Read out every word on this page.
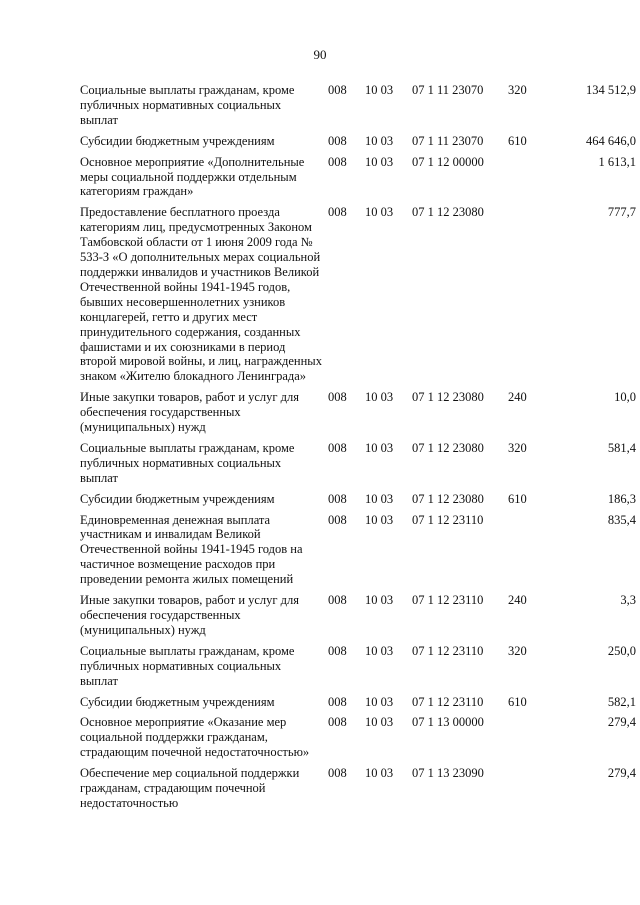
90
Социальные выплаты гражданам, кроме публичных нормативных социальных выплат	008	10 03	07 1 11 23070	320	134 512,9
Субсидии бюджетным учреждениям	008	10 03	07 1 11 23070	610	464 646,0
Основное мероприятие «Дополнительные меры социальной поддержки отдельным категориям граждан»	008	10 03	07 1 12 00000		1 613,1
Предоставление бесплатного проезда категориям лиц, предусмотренных Законом Тамбовской области от 1 июня 2009 года № 533-З «О дополнительных мерах социальной поддержки инвалидов и участников Великой Отечественной войны 1941-1945 годов, бывших несовершеннолетних узников концлагерей, гетто и других мест принудительного содержания, созданных фашистами и их союзниками в период второй мировой войны, и лиц, награжденных знаком «Жителю блокадного Ленинграда»	008	10 03	07 1 12 23080		777,7
Иные закупки товаров, работ и услуг для обеспечения государственных (муниципальных) нужд	008	10 03	07 1 12 23080	240	10,0
Социальные выплаты гражданам, кроме публичных нормативных социальных выплат	008	10 03	07 1 12 23080	320	581,4
Субсидии бюджетным учреждениям	008	10 03	07 1 12 23080	610	186,3
Единовременная денежная выплата участникам и инвалидам Великой Отечественной войны 1941-1945 годов на частичное возмещение расходов при проведении ремонта жилых помещений	008	10 03	07 1 12 23110		835,4
Иные закупки товаров, работ и услуг для обеспечения государственных (муниципальных) нужд	008	10 03	07 1 12 23110	240	3,3
Социальные выплаты гражданам, кроме публичных нормативных социальных выплат	008	10 03	07 1 12 23110	320	250,0
Субсидии бюджетным учреждениям	008	10 03	07 1 12 23110	610	582,1
Основное мероприятие «Оказание мер социальной поддержки гражданам, страдающим почечной недостаточностью»	008	10 03	07 1 13 00000		279,4
Обеспечение мер социальной поддержки гражданам, страдающим почечной недостаточностью	008	10 03	07 1 13 23090		279,4
